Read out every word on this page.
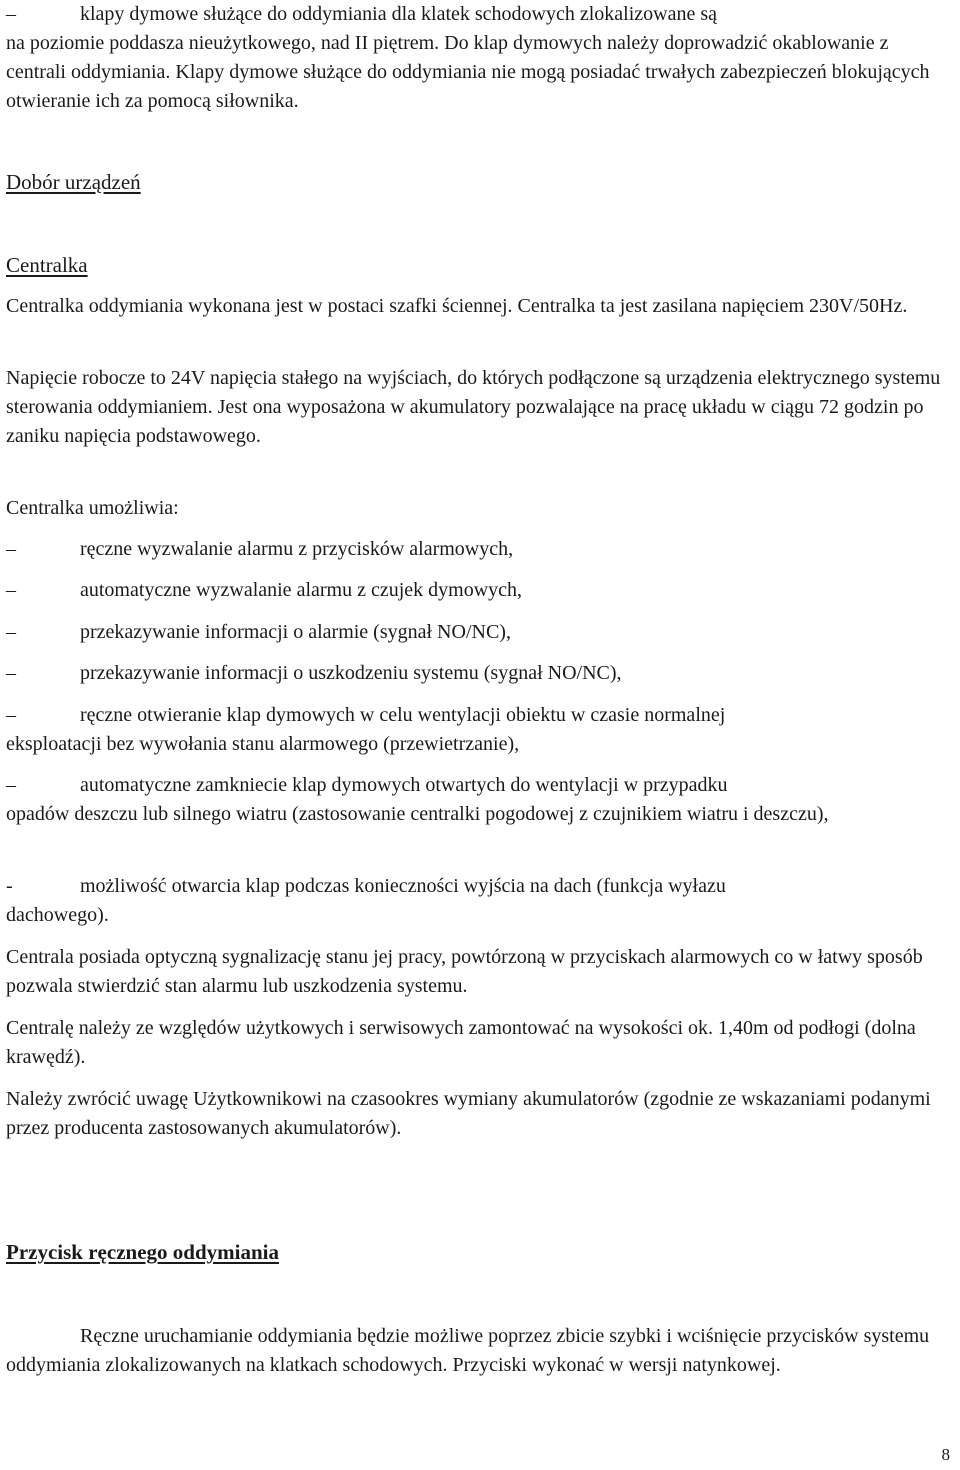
–	klapy dymowe służące do oddymiania dla klatek schodowych zlokalizowane są
na poziomie poddasza nieużytkowego, nad II piętrem. Do klap dymowych należy doprowadzić okablowanie z centrali oddymiania. Klapy dymowe służące do oddymiania nie mogą posiadać trwałych zabezpieczeń blokujących otwieranie ich za pomocą siłownika.
Dobór urządzeń
Centralka

Centralka oddymiania wykonana jest w postaci szafki ściennej. Centralka ta jest zasilana napięciem 230V/50Hz.

Napięcie robocze to 24V napięcia stałego na wyjściach, do których podłączone są urządzenia elektrycznego systemu sterowania oddymianiem. Jest ona wyposażona w akumulatory pozwalające na pracę układu w ciągu 72 godzin po zaniku napięcia podstawowego.

Centralka umożliwia:

–	ręczne wyzwalanie alarmu z przycisków alarmowych,
–	automatyczne wyzwalanie alarmu z czujek dymowych,
–	przekazywanie informacji o alarmie (sygnał NO/NC),
–	przekazywanie informacji o uszkodzeniu systemu (sygnał NO/NC),
–	ręczne otwieranie klap dymowych w celu wentylacji obiektu w czasie normalnej
eksploatacji bez wywołania stanu alarmowego (przewietrzanie),
–	automatyczne zamkniecie klap dymowych otwartych do wentylacji w przypadku
opadów deszczu lub silnego wiatru (zastosowanie centralki pogodowej z czujnikiem wiatru i deszczu),
-	możliwość otwarcia klap podczas konieczności wyjścia na dach (funkcja wyłazu
dachowego).

Centrala posiada optyczną sygnalizację stanu jej pracy, powtórzoną w przyciskach alarmowych co w łatwy sposób pozwala stwierdzić stan alarmu lub uszkodzenia systemu.

Centralę należy ze względów użytkowych i serwisowych zamontować na wysokości ok. 1,40m od podłogi (dolna krawędź).

Należy zwrócić uwagę Użytkownikowi na czasookres wymiany akumulatorów (zgodnie ze wskazaniami podanymi przez producenta zastosowanych akumulatorów).

Przycisk ręcznego oddymiania

Ręczne uruchamianie oddymiania będzie możliwe poprzez zbicie szybki i wciśnięcie przycisków systemu oddymiania zlokalizowanych na klatkach schodowych. Przyciski wykonać w wersji natynkowej.

8
